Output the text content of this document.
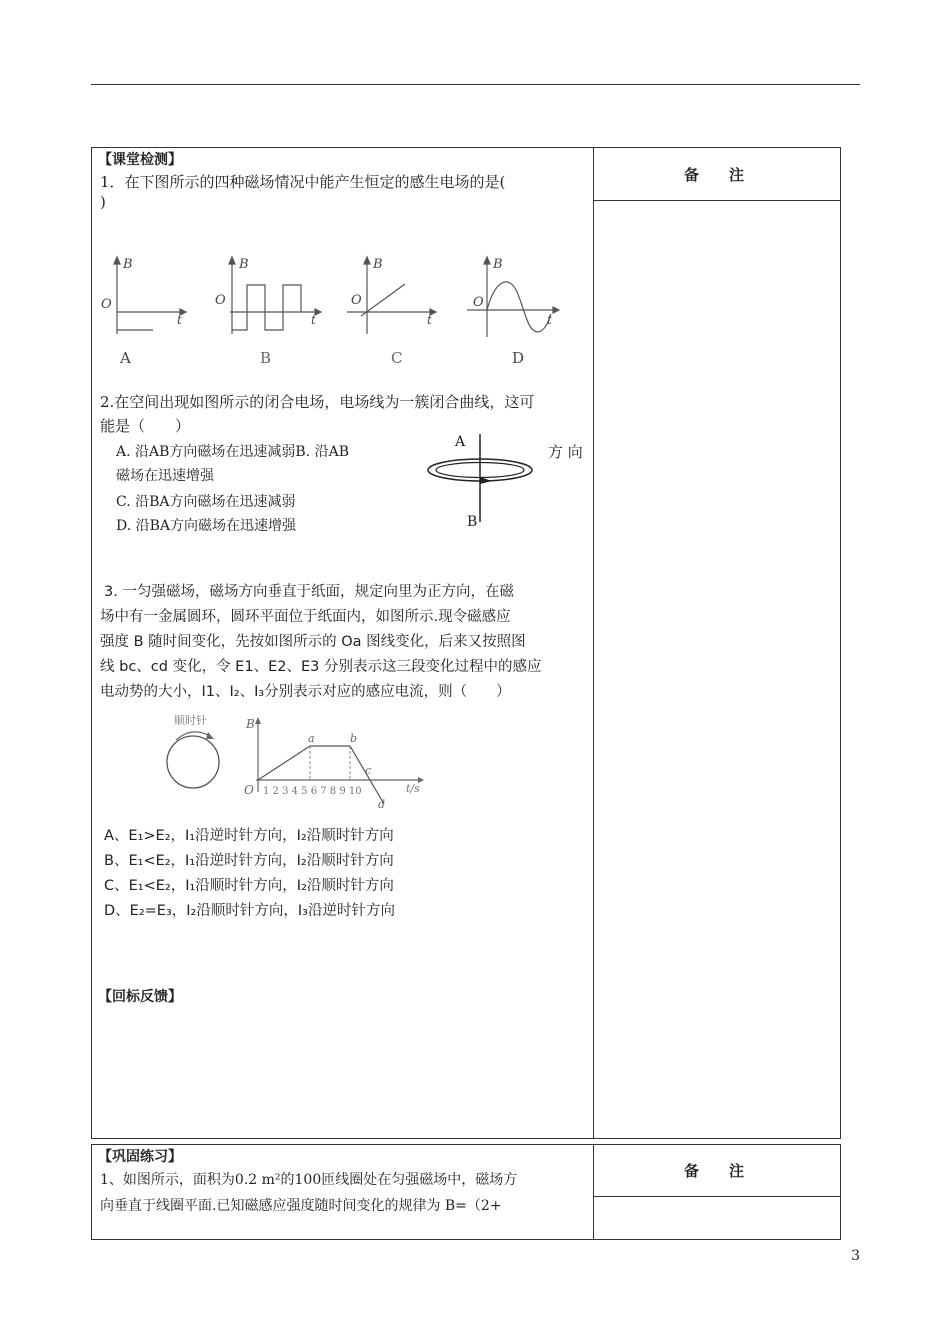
备注
备注
【课堂检测】
1．在下图所示的四种磁场情况中能产生恒定的感生电场的是(
)
B
O
t
B
O
t
B
O
t
B
O
t
A	B	C	D
2.在空间出现如图所示的闭合电场，电场线为一簇闭合曲线，这可
能是（　　）
A. 沿AB方向磁场在迅速减弱B. 沿AB	方 向
磁场在迅速增强
C. 沿BA方向磁场在迅速减弱
D. 沿BA方向磁场在迅速增强
A
B
3. 一匀强磁场，磁场方向垂直于纸面，规定向里为正方向，在磁
场中有一金属圆环，圆环平面位于纸面内，如图所示.现令磁感应
强度 B 随时间变化，先按如图所示的 Oa 图线变化，后来又按照图
线 bc、cd 变化，令 E1、E2、E3 分别表示这三段变化过程中的感应
电动势的大小，I1、I₂、I₃分别表示对应的感应电流，则（　　）
顺时针	B
O 1 2 3 4 5 6 7 8 9 10	t/s
a	b
c
d
A、E₁>E₂，I₁沿逆时针方向，I₂沿顺时针方向
B、E₁<E₂，I₁沿逆时针方向，I₂沿顺时针方向
C、E₁<E₂，I₁沿顺时针方向，I₂沿顺时针方向
D、E₂=E₃，I₂沿顺时针方向，I₃沿逆时针方向
【回标反馈】
【巩固练习】
1、如图所示，面积为0.2 m²的100匝线圈处在匀强磁场中，磁场方
向垂直于线圈平面.已知磁感应强度随时间变化的规律为 B=（2+
3
